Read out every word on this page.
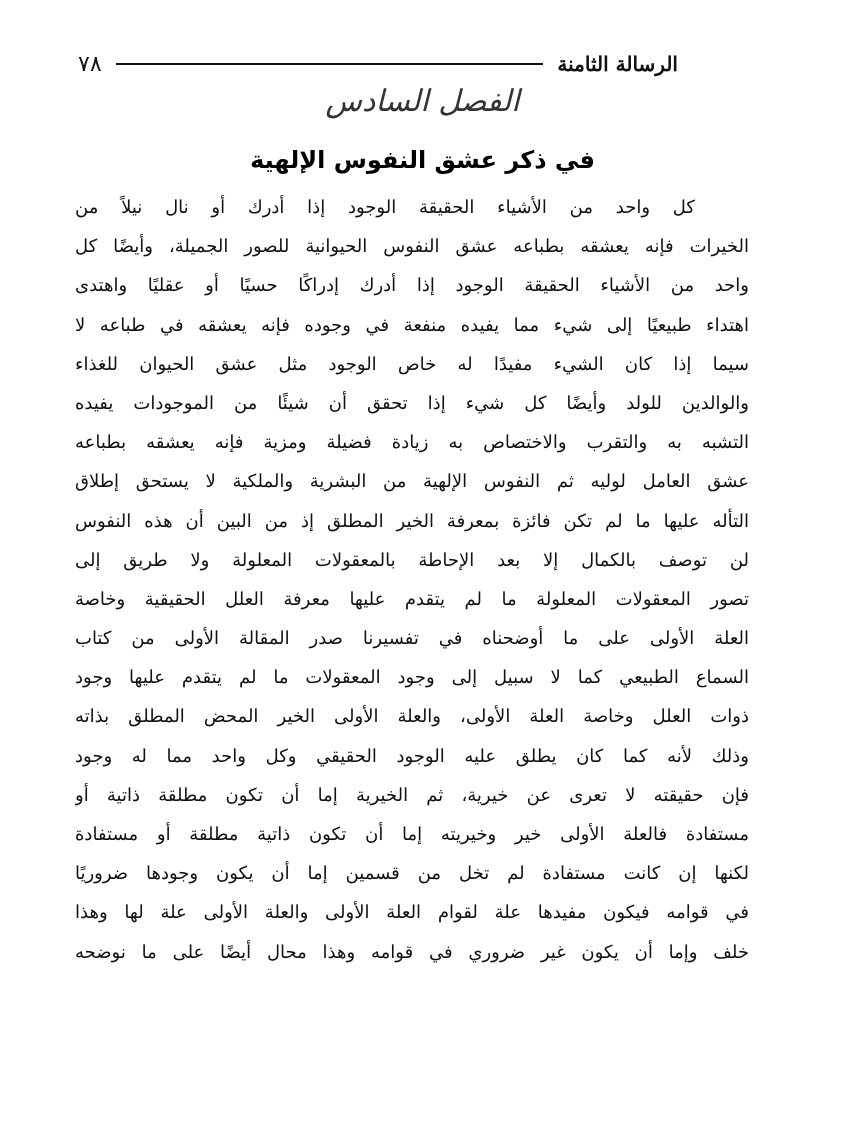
الرسالة الثامنة
٧٨
الفصل السادس
في ذكر عشق النفوس الإلهية
كل واحد من الأشياء الحقيقة الوجود إذا أدرك أو نال نيلاً من
الخيرات فإنه يعشقه بطباعه عشق النفوس الحيوانية للصور الجميلة، وأيضًا كل
واحد من الأشياء الحقيقة الوجود إذا أدرك إدراكًا حسيًا أو عقليًا واهتدى
اهتداء طبيعيًا إلى شيء مما يفيده منفعة في وجوده فإنه يعشقه في طباعه لا
سيما إذا كان الشيء مفيدًا له خاص الوجود مثل عشق الحيوان للغذاء
والوالدين للولد وأيضًا كل شيء إذا تحقق أن شيئًا من الموجودات يفيده
التشبه به والتقرب والاختصاص به زيادة فضيلة ومزية فإنه يعشقه بطباعه
عشق العامل لوليه ثم النفوس الإلهية من البشرية والملكية لا يستحق إطلاق
التأله عليها ما لم تكن فائزة بمعرفة الخير المطلق إذ من البين أن هذه النفوس
لن توصف بالكمال إلا بعد الإحاطة بالمعقولات المعلولة ولا طريق إلى
تصور المعقولات المعلولة ما لم يتقدم عليها معرفة العلل الحقيقية وخاصة
العلة الأولى على ما أوضحناه في تفسيرنا صدر المقالة الأولى من كتاب
السماع الطبيعي كما لا سبيل إلى وجود المعقولات ما لم يتقدم عليها وجود
ذوات العلل وخاصة العلة الأولى، والعلة الأولى الخير المحض المطلق بذاته
وذلك لأنه كما كان يطلق عليه الوجود الحقيقي وكل واحد مما له وجود
فإن حقيقته لا تعرى عن خيرية، ثم الخيرية إما أن تكون مطلقة ذاتية أو
مستفادة فالعلة الأولى خير وخيريته إما أن تكون ذاتية مطلقة أو مستفادة
لكنها إن كانت مستفادة لم تخل من قسمين إما أن يكون وجودها ضروريًا
في قوامه فيكون مفيدها علة لقوام العلة الأولى والعلة الأولى علة لها وهذا
خلف وإما أن يكون غير ضروري في قوامه وهذا محال أيضًا على ما نوضحه
